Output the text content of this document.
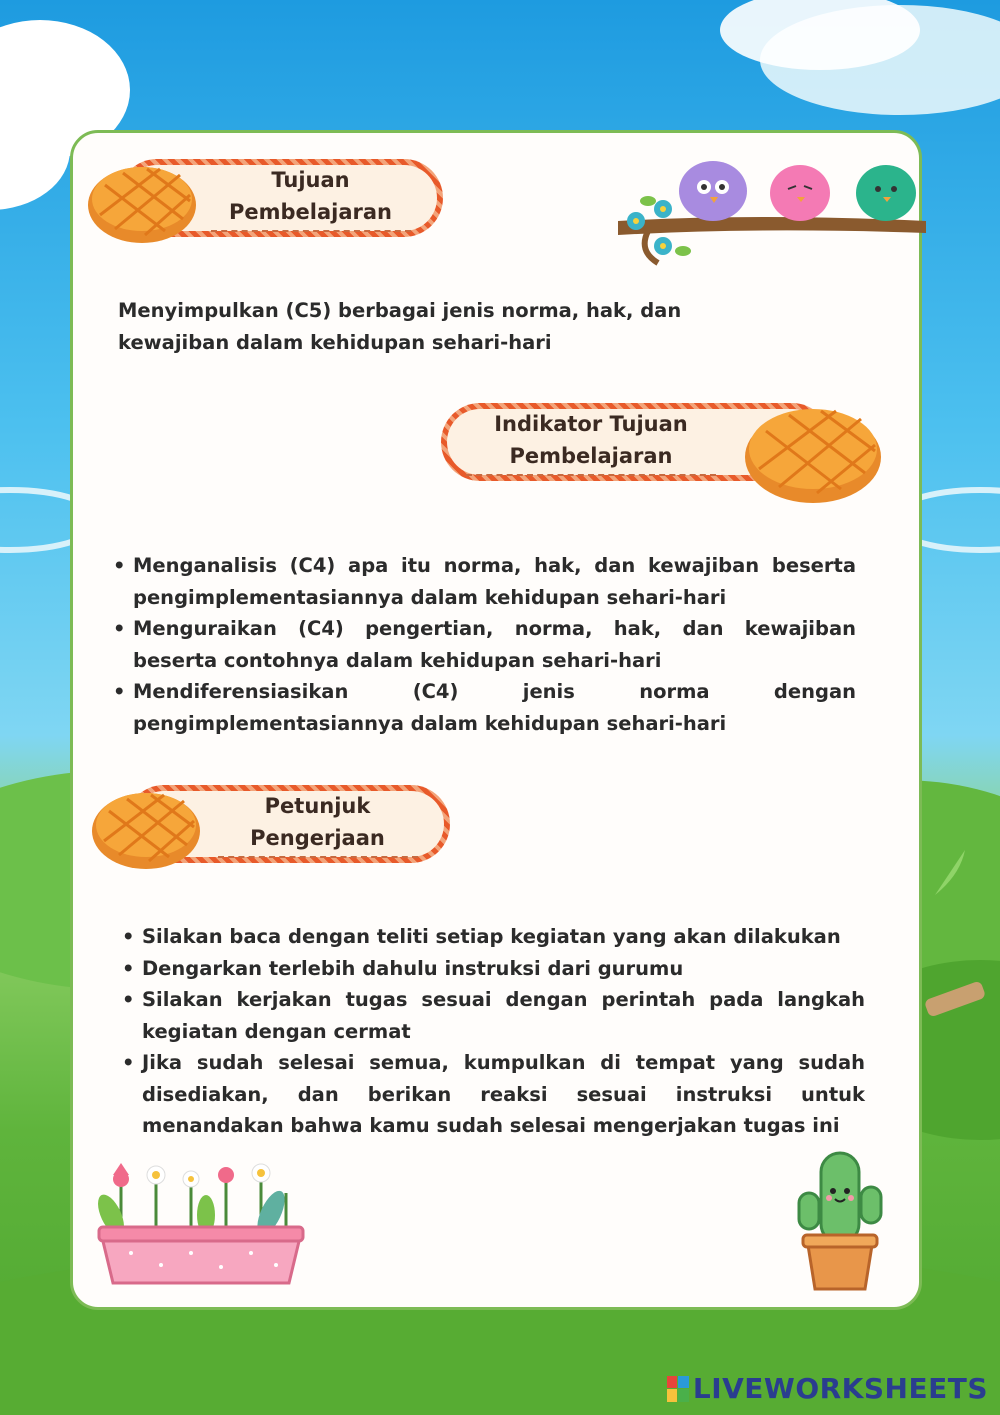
Tujuan
Pembelajaran
Menyimpulkan (C5) berbagai jenis norma, hak, dan
kewajiban dalam kehidupan sehari-hari
Indikator Tujuan
Pembelajaran
• Menganalisis (C4) apa itu norma, hak, dan kewajiban beserta pengimplementasiannya dalam kehidupan sehari-hari
• Menguraikan (C4) pengertian, norma, hak, dan kewajiban beserta contohnya dalam kehidupan sehari-hari
• Mendiferensiasikan (C4) jenis norma dengan pengimplementasiannya dalam kehidupan sehari-hari
Petunjuk
Pengerjaan
• Silakan baca dengan teliti setiap kegiatan yang akan dilakukan
• Dengarkan terlebih dahulu instruksi dari gurumu
• Silakan kerjakan tugas sesuai dengan perintah pada langkah kegiatan dengan cermat
• Jika sudah selesai semua, kumpulkan di tempat yang sudah disediakan, dan berikan reaksi sesuai instruksi untuk menandakan bahwa kamu sudah selesai mengerjakan tugas ini
LIVEWORKSHEETS
